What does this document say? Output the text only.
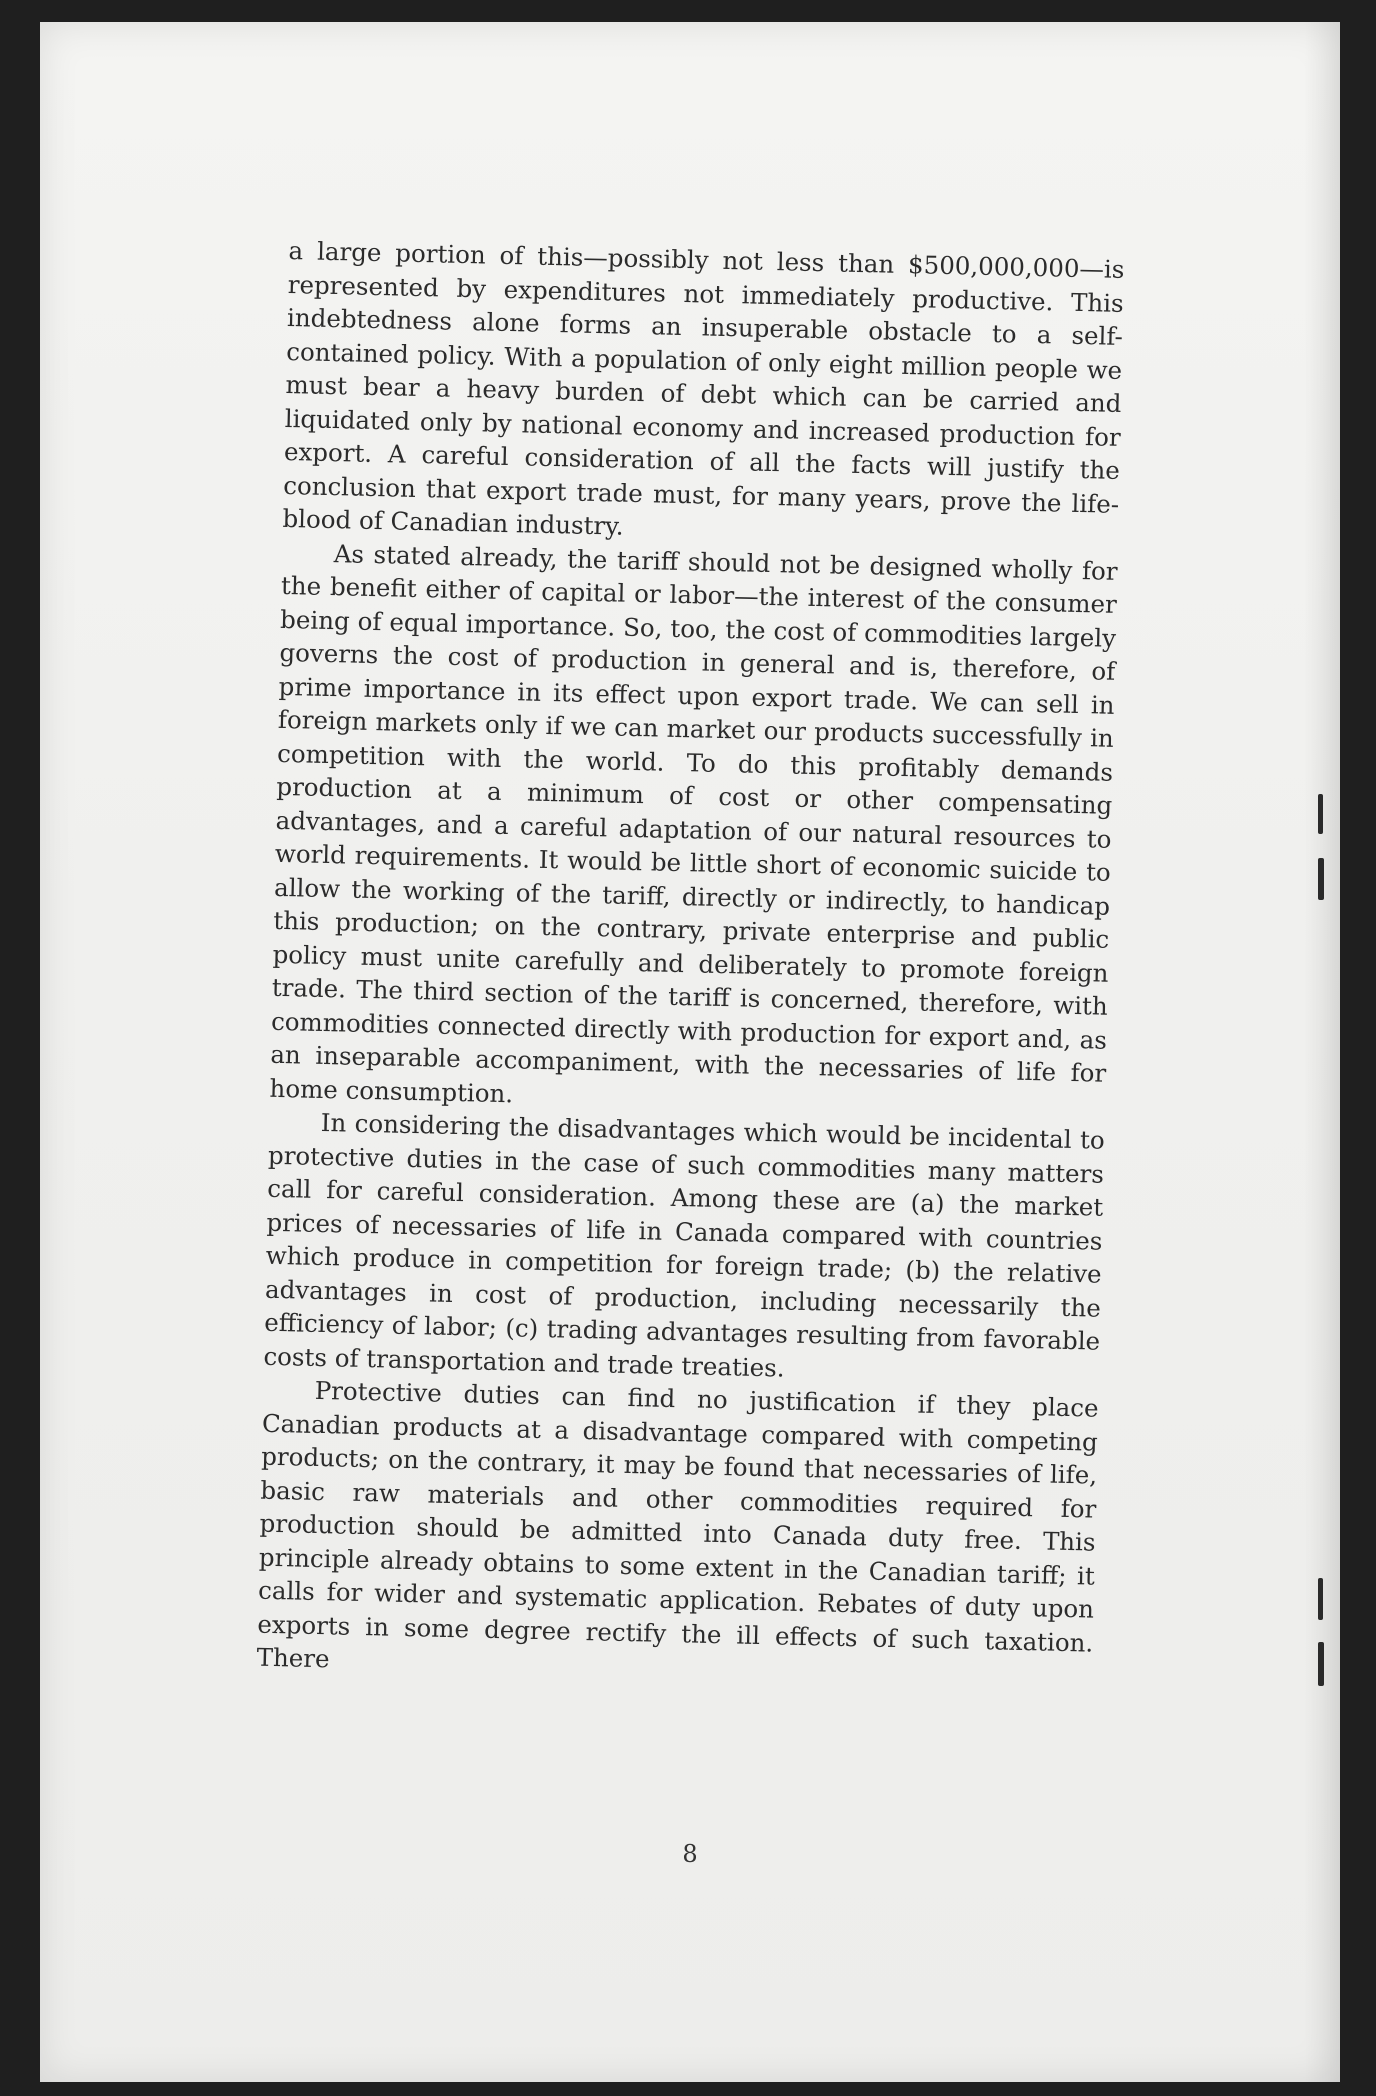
a large portion of this—possibly not less than $500,000,000—is represented by expenditures not immediately productive. This indebtedness alone forms an insuperable obstacle to a self-contained policy. With a population of only eight million people we must bear a heavy burden of debt which can be carried and liquidated only by national economy and increased production for export. A careful consideration of all the facts will justify the conclusion that export trade must, for many years, prove the life-blood of Canadian industry.

As stated already, the tariff should not be designed wholly for the benefit either of capital or labor—the interest of the consumer being of equal importance. So, too, the cost of commodities largely governs the cost of production in general and is, therefore, of prime importance in its effect upon export trade. We can sell in foreign markets only if we can market our products successfully in competition with the world. To do this profitably demands production at a minimum of cost or other compensating advantages, and a careful adaptation of our natural resources to world requirements. It would be little short of economic suicide to allow the working of the tariff, directly or indirectly, to handicap this production; on the contrary, private enterprise and public policy must unite carefully and deliberately to promote foreign trade. The third section of the tariff is concerned, therefore, with commodities connected directly with production for export and, as an inseparable accompaniment, with the necessaries of life for home consumption.

In considering the disadvantages which would be incidental to protective duties in the case of such commodities many matters call for careful consideration. Among these are (a) the market prices of necessaries of life in Canada compared with countries which produce in competition for foreign trade; (b) the relative advantages in cost of production, including necessarily the efficiency of labor; (c) trading advantages resulting from favorable costs of transportation and trade treaties.

Protective duties can find no justification if they place Canadian products at a disadvantage compared with competing products; on the contrary, it may be found that necessaries of life, basic raw materials and other commodities required for production should be admitted into Canada duty free. This principle already obtains to some extent in the Canadian tariff; it calls for wider and systematic application. Rebates of duty upon exports in some degree rectify the ill effects of such taxation. There

8
